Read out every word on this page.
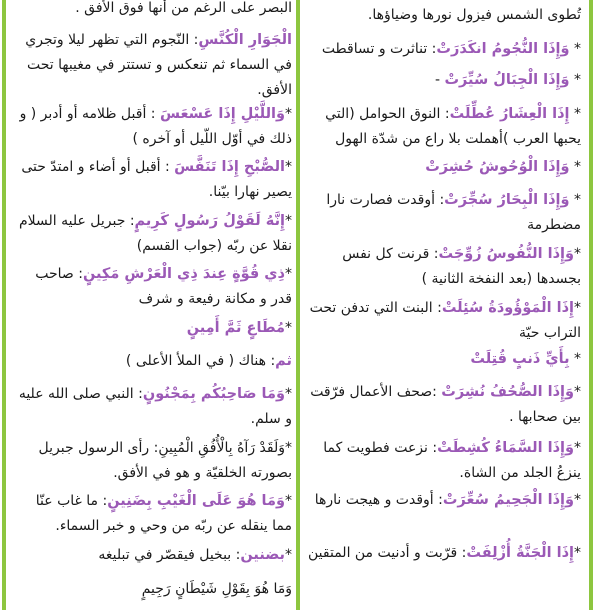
تُطوى الشمس فيزول نورها وضياؤها.

* وَإِذَا النُّجُومُ انكَدَرَتْ: تناثرت و تساقطت

* وَإِذَا الْجِبَالُ سُيِّرَتْ -

* إِذَا الْعِشَارُ عُطِّلَتْ: النوق الحوامل (التي يحبها العرب )أهملت بلا راع من شدّة الهول

* وَإِذَا الْوُحُوشُ حُشِرَتْ

* وَإِذَا الْبِحَارُ سُجِّرَتْ: أوقدت فصارت نارا مضطرمة

*وَإِذَا النُّفُوسُ زُوِّجَتْ: قرنت كل نفس بجسدها (بعد النفخة الثانية )

*إِذَا الْمَوْؤُودَةُ سُئِلَتْ: البنت التي تدفن تحت التراب حيّة

* بِأَيِّ ذَنبٍ قُتِلَتْ

*وَإِذَا الصُّحُفُ نُشِرَتْ :صحف الأعمال فرّقت بين صحابها .

*وَإِذَا السَّمَاءُ كُشِطَتْ: نزعت فطويت كما ينزعُ الجلد من الشاة.

*وَإِذَا الْجَحِيمُ سُعِّرَتْ: أوقدت و هيجت نارها

*إِذَا الْجَنَّةُ أُزْلِفَتْ: قرّبت و أدنيت من المتقين

البصر على الرغم من أنها فوق الأفق .

الْجَوَارِ الْكُنَّسِ: النّجوم التي تظهر ليلا وتجري في السماء ثم تنعكس و تستتر في مغيبها تحت الأفق.

*وَاللَّيْلِ إِذَا عَسْعَسَ : أقبل ظلامه أو أدبر ( و ذلك في أوّل اللّيل أو آخره )

*الصُّبْحِ إِذَا تَنَفَّسَ : أقبل أو أضاء و امتدّ حتى يصير نهارا بيّنا.

*إِنَّهُ لَقَوْلُ رَسُولٍ كَرِيمٍ: جبريل عليه السلام نقلا عن ربّه (جواب القسم)

*ذِي قُوَّةٍ عِندَ ذِي الْعَرْشِ مَكِينٍ: صاحب قدر و مكانة رفيعة و شرف

*مُطَاعٍ ثَمَّ أَمِينٍ

ثم: هناك ( في الملأ الأعلى )

*وَمَا صَاحِبُكُم بِمَجْنُونٍ: النبي صلى الله عليه و سلم.

*وَلَقَدْ رَآهُ بِالْأُفُقِ الْمُبِينِ: رأى الرسول جبريل بصورته الخلقيّة و هو في الأفق.

*وَمَا هُوَ عَلَى الْغَيْبِ بِضَنِينٍ: ما غاب عنّا مما ينقله عن ربّه من وحي و خبر السماء.

*بضنين: ببخيل فيقصّر في تبليغه

وَمَا هُوَ بِقَوْلِ شَيْطَانٍ رَجِيمٍ
